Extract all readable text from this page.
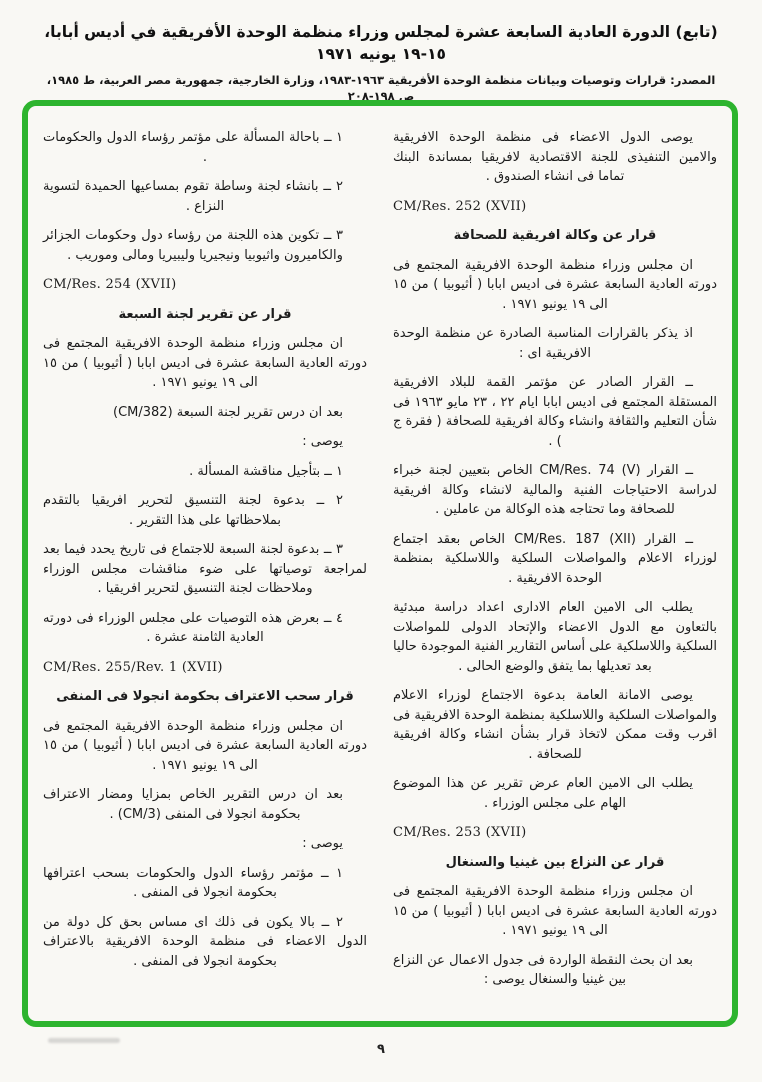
(تابع) الدورة العادية السابعة عشرة لمجلس وزراء منظمة الوحدة الأفريقية في أديس أبابا، ١٥-١٩ يونيه ١٩٧١
المصدر: قرارات وتوصيات وبيانات منظمة الوحدة الأفريقية ١٩٦٣-١٩٨٣، وزارة الخارجية، جمهورية مصر العربية، ط ١٩٨٥، ص ١٩٨-٢٠٨

يوصى الدول الاعضاء فى منظمة الوحدة الافريقية والامين التنفيذى للجنة الاقتصادية لافريقيا بمساندة البنك تماما فى انشاء الصندوق .

CM/Res. 252 (XVII)

قرار عن وكالة افريقية للصحافة

ان مجلس وزراء منظمة الوحدة الافريقية المجتمع فى دورته العادية السابعة عشرة فى اديس ابابا ( أثيوبيا ) من ١٥ الى ١٩ يونيو ١٩٧١ .

اذ يذكر بالقرارات المناسبة الصادرة عن منظمة الوحدة الافريقية اى :

ــ القرار الصادر عن مؤتمر القمة للبلاد الافريقية المستقلة المجتمع فى اديس ابابا ايام ٢٢ ، ٢٣ مايو ١٩٦٣ فى شأن التعليم والثقافة وانشاء وكالة افريقية للصحافة ( فقرة ج ) .

ــ القرار CM/Res. 74 (V) الخاص بتعيين لجنة خبراء لدراسة الاحتياجات الفنية والمالية لانشاء وكالة افريقية للصحافة وما تحتاجه هذه الوكالة من عاملين .

ــ القرار CM/Res. 187 (XII) الخاص بعقد اجتماع لوزراء الاعلام والمواصلات السلكية واللاسلكية بمنظمة الوحدة الافريقية .

يطلب الى الامين العام الادارى اعداد دراسة مبدئية بالتعاون مع الدول الاعضاء والإتحاد الدولى للمواصلات السلكية واللاسلكية على أساس التقارير الفنية الموجودة حاليا بعد تعديلها بما يتفق والوضع الحالى .

يوصى الامانة العامة بدعوة الاجتماع لوزراء الاعلام والمواصلات السلكية واللاسلكية بمنظمة الوحدة الافريقية فى اقرب وقت ممكن لاتخاذ قرار بشأن انشاء وكالة افريقية للصحافة .

يطلب الى الامين العام عرض تقرير عن هذا الموضوع الهام على مجلس الوزراء .

CM/Res. 253 (XVII)

قرار عن النزاع بين غينيا والسنغال

ان مجلس وزراء منظمة الوحدة الافريقية المجتمع فى دورته العادية السابعة عشرة فى اديس ابابا ( أثيوبيا ) من ١٥ الى ١٩ يونيو ١٩٧١ .

بعد ان بحث النقطة الواردة فى جدول الاعمال عن النزاع بين غينيا والسنغال يوصى :

١ ــ باحالة المسألة على مؤتمر رؤساء الدول والحكومات .

٢ ــ بانشاء لجنة وساطة تقوم بمساعيها الحميدة لتسوية النزاع .

٣ ــ تكوين هذه اللجنة من رؤساء دول وحكومات الجزائر والكاميرون واثيوبيا ونيجيريا وليبيريا ومالى وموريب .

CM/Res. 254 (XVII)

قرار عن تقرير لجنة السبعة

ان مجلس وزراء منظمة الوحدة الافريقية المجتمع فى دورته العادية السابعة عشرة فى اديس ابابا ( أثيوبيا ) من ١٥ الى ١٩ يونيو ١٩٧١ .

بعد ان درس تقرير لجنة السبعة (CM/382)

يوصى :

١ ــ بتأجيل مناقشة المسألة .

٢ ــ بدعوة لجنة التنسيق لتحرير افريقيا بالتقدم بملاحظاتها على هذا التقرير .

٣ ــ بدعوة لجنة السبعة للاجتماع فى تاريخ يحدد فيما بعد لمراجعة توصياتها على ضوء مناقشات مجلس الوزراء وملاحظات لجنة التنسيق لتحرير افريقيا .

٤ ــ بعرض هذه التوصيات على مجلس الوزراء فى دورته العادية الثامنة عشرة .

CM/Res. 255/Rev. 1 (XVII)

قرار سحب الاعتراف بحكومة انجولا فى المنفى

ان مجلس وزراء منظمة الوحدة الافريقية المجتمع فى دورته العادية السابعة عشرة فى اديس ابابا ( أثيوبيا ) من ١٥ الى ١٩ يونيو ١٩٧١ .

بعد ان درس التقرير الخاص بمزايا ومضار الاعتراف بحكومة انجولا فى المنفى (CM/3) .

يوصى :

١ ــ مؤتمر رؤساء الدول والحكومات بسحب اعترافها بحكومة انجولا فى المنفى .

٢ ــ بالا يكون فى ذلك اى مساس بحق كل دولة من الدول الاعضاء فى منظمة الوحدة الافريقية بالاعتراف بحكومة انجولا فى المنفى .

٩
